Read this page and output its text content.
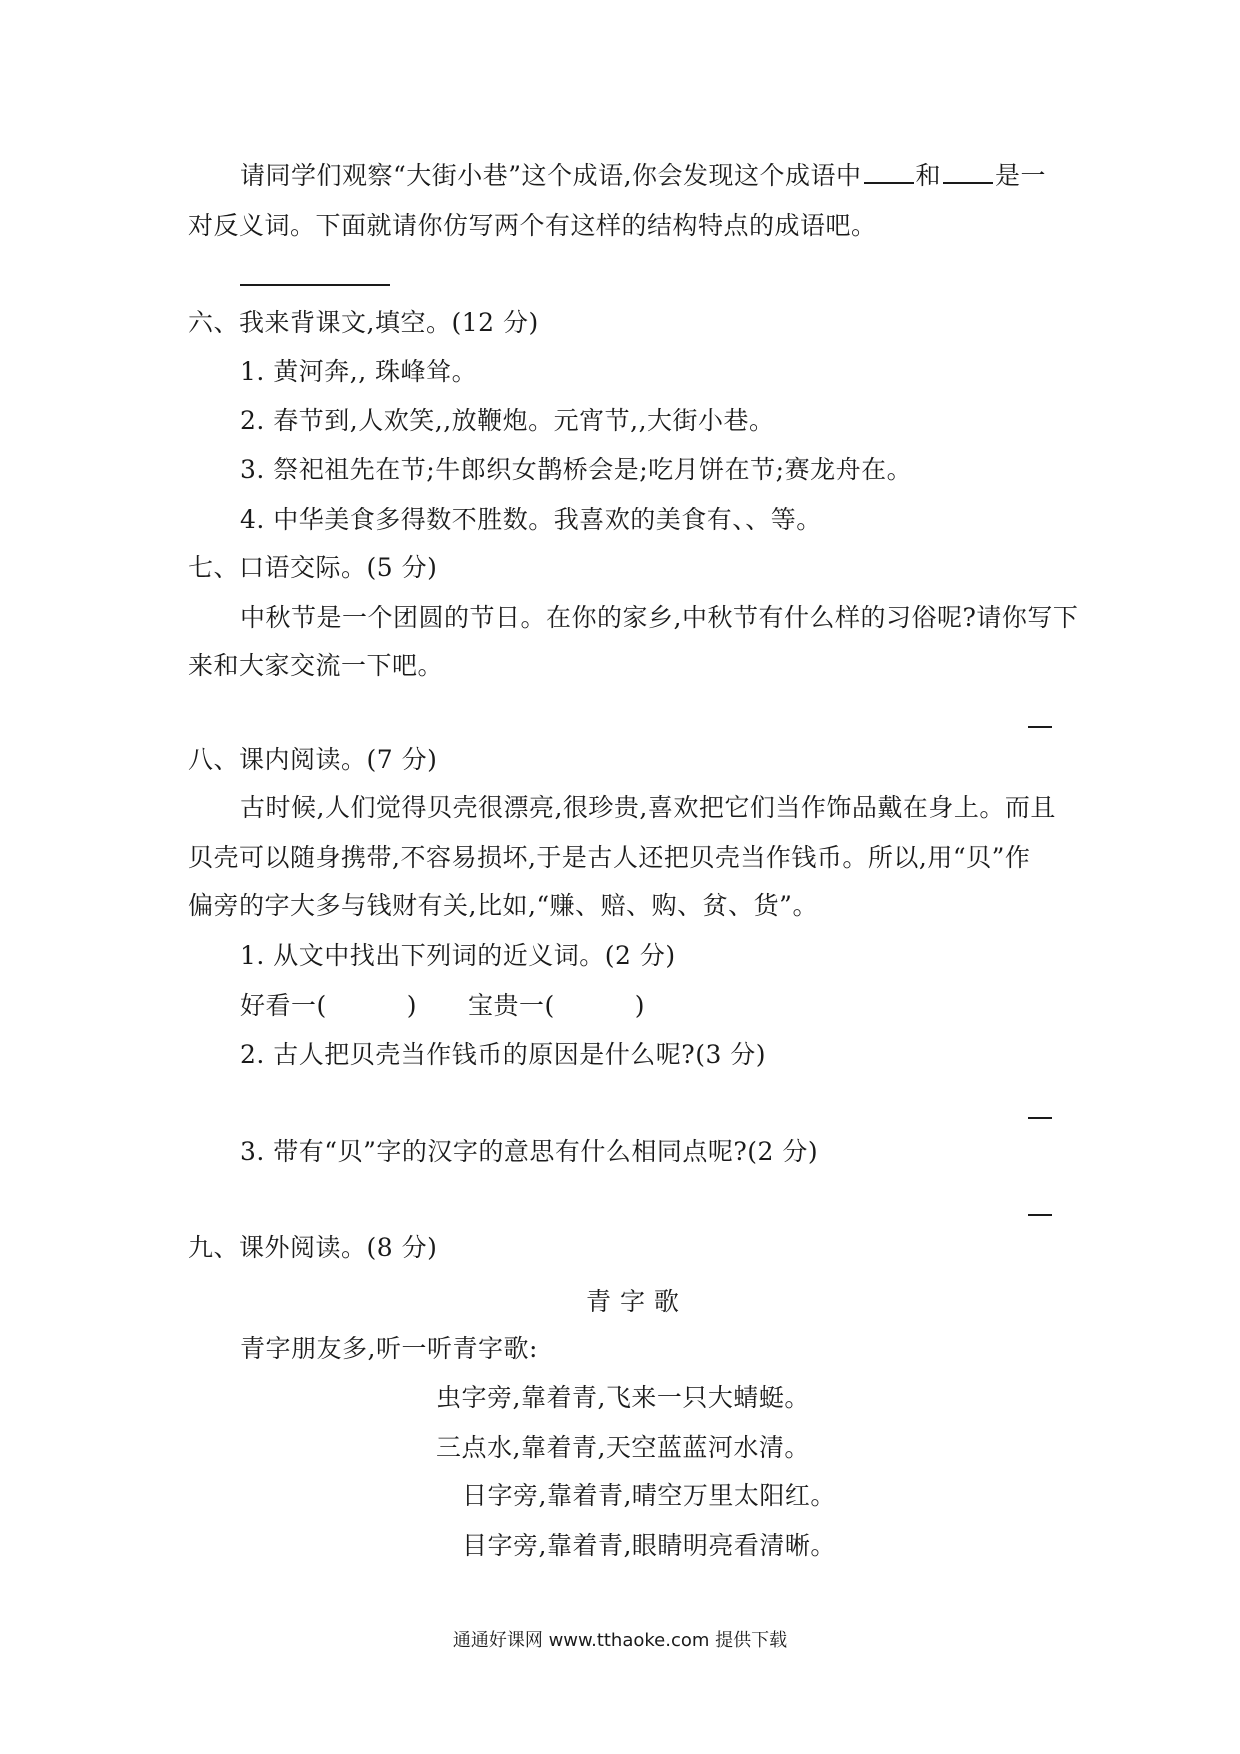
请同学们观察“大街小巷”这个成语,你会发现这个成语中 和 是一
对反义词。下面就请你仿写两个有这样的结构特点的成语吧。
六、我来背课文,填空。(12 分)
1. 黄河奔,, 珠峰耸。
2. 春节到,人欢笑,,放鞭炮。元宵节,,大街小巷。
3. 祭祀祖先在节;牛郎织女鹊桥会是;吃月饼在节;赛龙舟在。
4. 中华美食多得数不胜数。我喜欢的美食有、、等。
七、口语交际。(5 分)
中秋节是一个团圆的节日。在你的家乡,中秋节有什么样的习俗呢?请你写下
来和大家交流一下吧。
八、课内阅读。(7 分)
古时候,人们觉得贝壳很漂亮,很珍贵,喜欢把它们当作饰品戴在身上。而且
贝壳可以随身携带,不容易损坏,于是古人还把贝壳当作钱币。所以,用“贝”作
偏旁的字大多与钱财有关,比如,“赚、赔、购、贫、货”。
1. 从文中找出下列词的近义词。(2 分)
好看一(	) 宝贵一(	)
2. 古人把贝壳当作钱币的原因是什么呢?(3 分)
3. 带有“贝”字的汉字的意思有什么相同点呢?(2 分)
九、课外阅读。(8 分)
青 字 歌
青字朋友多,听一听青字歌:
虫字旁,靠着青,飞来一只大蜻蜓。
三点水,靠着青,天空蓝蓝河水清。
日字旁,靠着青,晴空万里太阳红。
目字旁,靠着青,眼睛明亮看清晰。
通通好课网 www.tthaoke.com 提供下载
